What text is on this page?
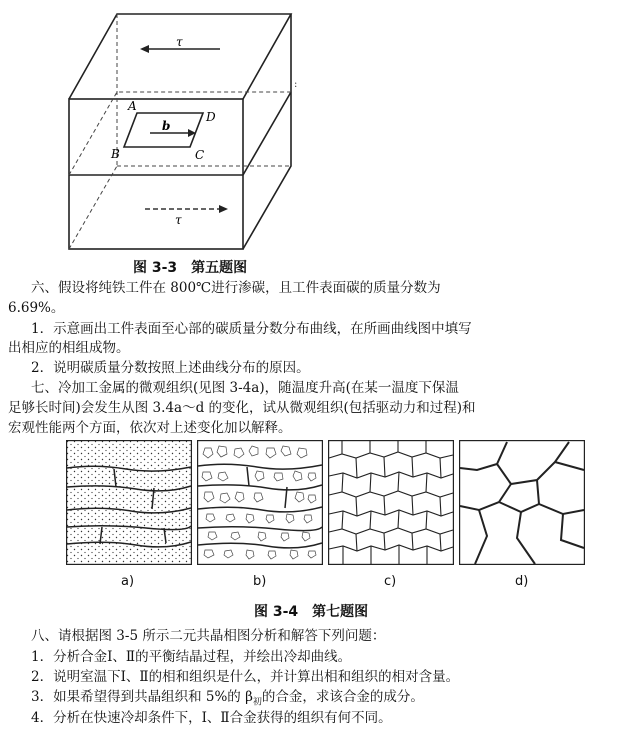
τ
τ
A
D
B	C
b
:
图 3-3　第五题图
六、假设将纯铁工件在 800℃进行渗碳，且工件表面碳的质量分数为
6.69%。
1．示意画出工件表面至心部的碳质量分数分布曲线，在所画曲线图中填写
出相应的相组成物。
2．说明碳质量分数按照上述曲线分布的原因。
七、冷加工金属的微观组织(见图 3-4a)，随温度升高(在某一温度下保温
足够长时间)会发生从图 3.4a～d 的变化，试从微观组织(包括驱动力和过程)和
宏观性能两个方面，依次对上述变化加以解释。
a)	b)	c)	d)
图 3-4　第七题图
八、请根据图 3-5 所示二元共晶相图分析和解答下列问题：
1．分析合金Ⅰ、Ⅱ的平衡结晶过程，并绘出冷却曲线。
2．说明室温下Ⅰ、Ⅱ的相和组织是什么，并计算出相和组织的相对含量。
3．如果希望得到共晶组织和 5%的 $\beta_初$的合金，求该合金的成分。
4．分析在快速冷却条件下，Ⅰ、Ⅱ合金获得的组织有何不同。
